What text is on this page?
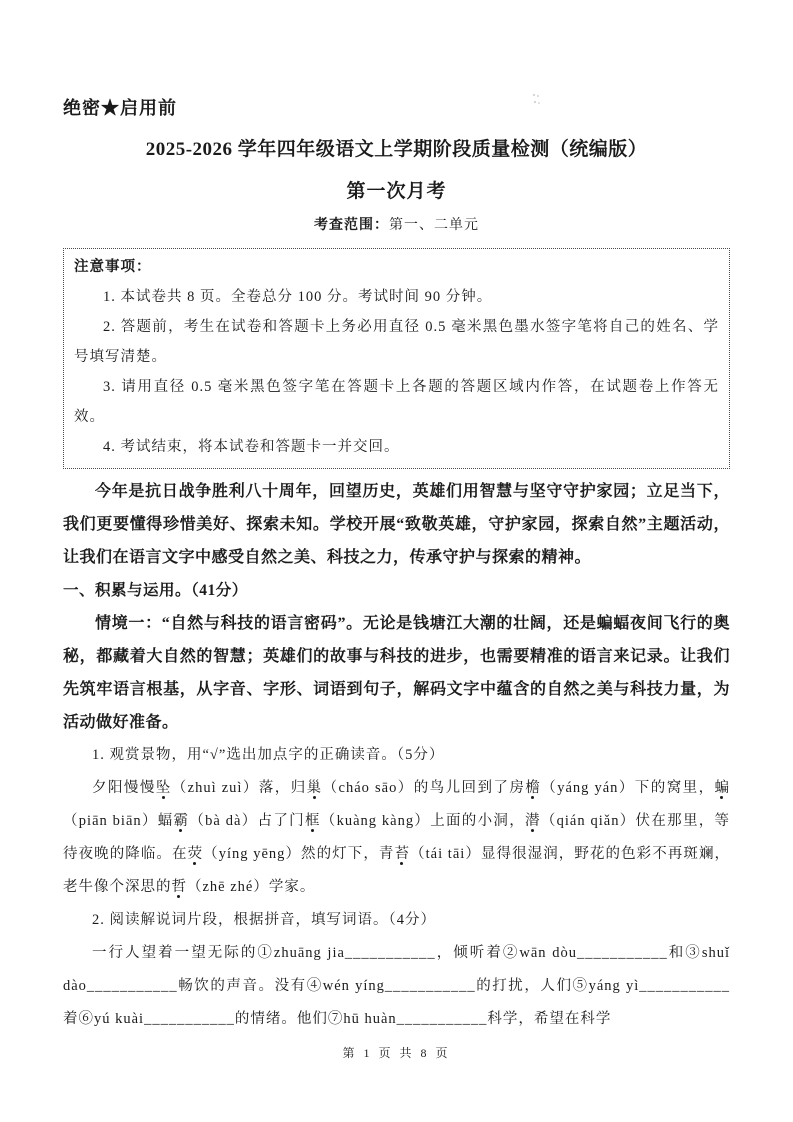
绝密★启用前
2025-2026 学年四年级语文上学期阶段质量检测（统编版）
第一次月考
考查范围：第一、二单元
注意事项：

1. 本试卷共 8 页。全卷总分 100 分。考试时间 90 分钟。

2. 答题前，考生在试卷和答题卡上务必用直径 0.5 毫米黑色墨水签字笔将自己的姓名、学号填写清楚。

3. 请用直径 0.5 毫米黑色签字笔在答题卡上各题的答题区域内作答，在试题卷上作答无效。

4. 考试结束，将本试卷和答题卡一并交回。

今年是抗日战争胜利八十周年，回望历史，英雄们用智慧与坚守守护家园；立足当下，我们更要懂得珍惜美好、探索未知。学校开展“致敬英雄，守护家园，探索自然”主题活动，让我们在语言文字中感受自然之美、科技之力，传承守护与探索的精神。

一、积累与运用。（41分）

情境一：“自然与科技的语言密码”。无论是钱塘江大潮的壮阔，还是蝙蝠夜间飞行的奥秘，都藏着大自然的智慧；英雄们的故事与科技的进步，也需要精准的语言来记录。让我们先筑牢语言根基，从字音、字形、词语到句子，解码文字中蕴含的自然之美与科技力量，为活动做好准备。

1. 观赏景物，用“√”选出加点字的正确读音。（5分）

夕阳慢慢坠（zhuì zuì）落，归巢（cháo sāo）的鸟儿回到了房檐（yáng yán）下的窝里，蝙（piān biān）蝠霸（bà dà）占了门框（kuàng kàng）上面的小洞，潜（qián qiǎn）伏在那里，等待夜晚的降临。在荧（yíng yēng）然的灯下，青苔（tái tāi）显得很湿润，野花的色彩不再斑斓，老牛像个深思的哲（zhē zhé）学家。

2. 阅读解说词片段，根据拼音，填写词语。（4分）

一行人望着一望无际的①zhuāng jia___________，倾听着②wān dòu___________和③shuǐ dào___________畅饮的声音。没有④wén yíng___________的打扰，人们⑤yáng yì___________着⑥yú kuài___________的情绪。他们⑦hū huàn___________科学，希望在科学

第 1 页 共 8 页
